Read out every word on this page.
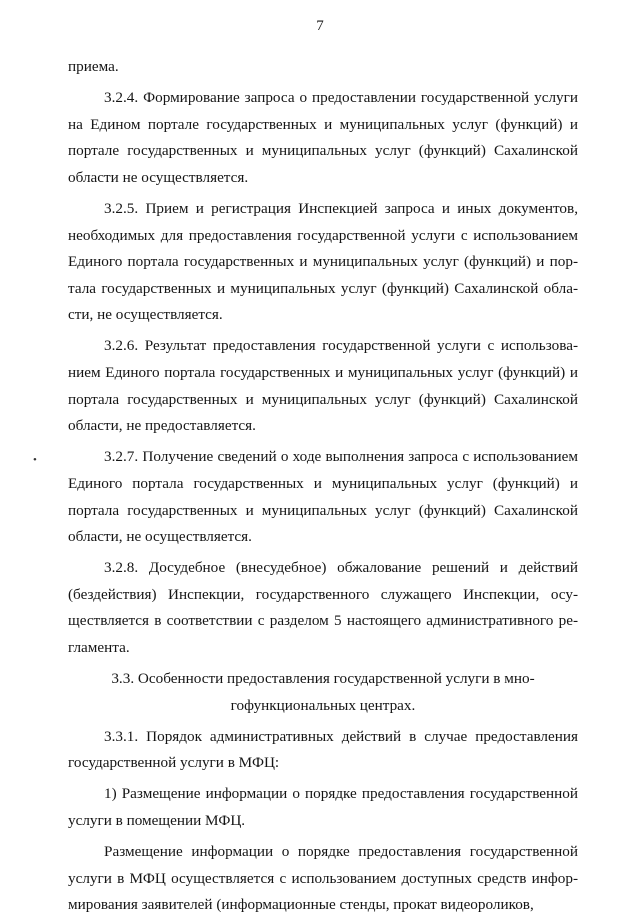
7

приема.

3.2.4. Формирование запроса о предоставлении государственной услуги на Едином портале государственных и муниципальных услуг (функций) и портале государственных и муниципальных услуг (функций) Сахалинской области не осуществляется.

3.2.5. Прием и регистрация Инспекцией запроса и иных документов, необходимых для предоставления государственной услуги с использованием Единого портала государственных и муниципальных услуг (функций) и портала государственных и муниципальных услуг (функций) Сахалинской области, не осуществляется.

3.2.6. Результат предоставления государственной услуги с использованием Единого портала государственных и муниципальных услуг (функций) и портала государственных и муниципальных услуг (функций) Сахалинской области, не предоставляется.

3.2.7. Получение сведений о ходе выполнения запроса с использованием Единого портала государственных и муниципальных услуг (функций) и портала государственных и муниципальных услуг (функций) Сахалинской области, не осуществляется.

3.2.8. Досудебное (внесудебное) обжалование решений и действий (бездействия) Инспекции, государственного служащего Инспекции, осуществляется в соответствии с разделом 5 настоящего административного регламента.

3.3. Особенности предоставления государственной услуги в мно-
гофункциональных центрах.

3.3.1. Порядок административных действий в случае предоставления государственной услуги в МФЦ:

1) Размещение информации о порядке предоставления государственной услуги в помещении МФЦ.

Размещение информации о порядке предоставления государственной услуги в МФЦ осуществляется с использованием доступных средств информирования заявителей (информационные стенды, прокат видеороликов,

•
